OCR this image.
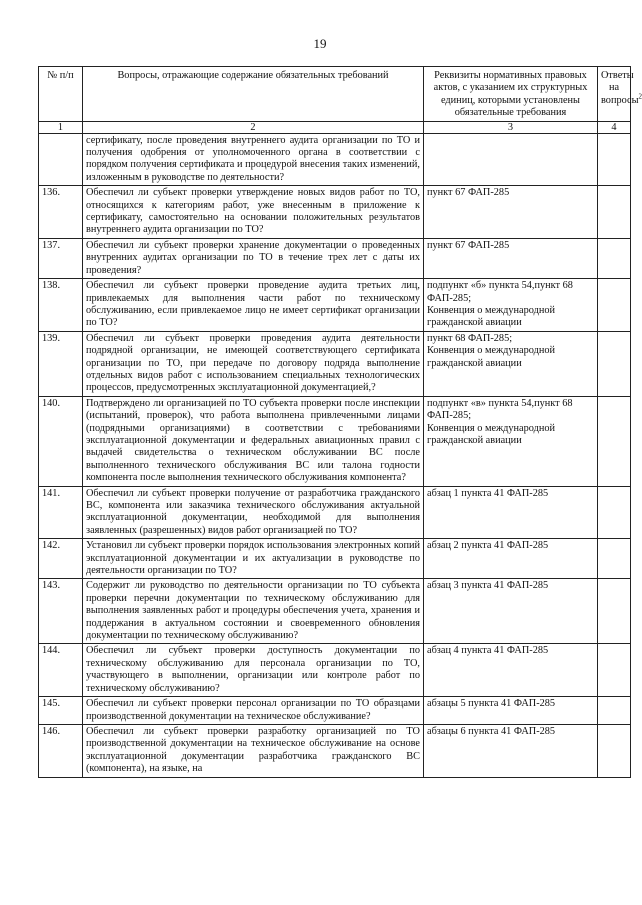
19
№ п/п	Вопросы, отражающие содержание обязательных требований	Реквизиты нормативных правовых актов, с указанием их структурных единиц, которыми установлены обязательные требования	Ответы на вопросы$^2$
1	2	3	4
	сертификату, после проведения внутреннего аудита организации по ТО и получения одобрения от уполномоченного органа в соответствии с порядком получения сертификата и процедурой внесения таких изменений, изложенным в руководстве по деятельности?		
136.	Обеспечил ли субъект проверки утверждение новых видов работ по ТО, относящихся к категориям работ, уже внесенным в приложение к сертификату, самостоятельно на основании положительных результатов внутреннего аудита организации по ТО?	пункт 67 ФАП-285	

137.	Обеспечил ли субъект проверки хранение документации о проведенных внутренних аудитах организации по ТО в течение трех лет с даты их проведения?	пункт 67 ФАП-285	

138.	Обеспечил ли субъект проверки проведение аудита третьих лиц, привлекаемых для выполнения части работ по техническому обслуживанию, если привлекаемое лицо не имеет сертификат организации по ТО?	подпункт «б» пункта 54,пункт 68 ФАП-285;
Конвенция о международной гражданской авиации	

139.	Обеспечил ли субъект проверки проведения аудита деятельности подрядной организации, не имеющей соответствующего сертификата организации по ТО, при передаче по договору подряда выполнение отдельных видов работ с использованием специальных технологических процессов, предусмотренных эксплуатационной документацией,?	пункт 68 ФАП-285;
Конвенция о международной гражданской авиации	

140.	Подтверждено ли организацией по ТО субъекта проверки после инспекции (испытаний, проверок), что работа выполнена привлеченными лицами (подрядными организациями) в соответствии с требованиями эксплуатационной документации и федеральных авиационных правил с выдачей свидетельства о техническом обслуживании ВС после выполненного технического обслуживания ВС или талона годности компонента после выполнения технического обслуживания компонента?	подпункт «в» пункта 54,пункт 68 ФАП-285;
Конвенция о международной гражданской авиации	

141.	Обеспечил ли субъект проверки получение от разработчика гражданского ВС, компонента или заказчика технического обслуживания актуальной эксплуатационной документации, необходимой для выполнения заявленных (разрешенных) видов работ организацией по ТО?	абзац 1 пункта 41 ФАП-285	

142.	Установил ли субъект проверки порядок использования электронных копий эксплуатационной документации и их актуализации в руководстве по деятельности организации по ТО?	абзац 2 пункта 41 ФАП-285	

143.	Содержит ли руководство по деятельности организации по ТО субъекта проверки перечни документации по техническому обслуживанию для выполнения заявленных работ и процедуры обеспечения учета, хранения и поддержания в актуальном состоянии и своевременного обновления документации по техническому обслуживанию?	абзац 3 пункта 41 ФАП-285	

144.	Обеспечил ли субъект проверки доступность документации по техническому обслуживанию для персонала организации по ТО, участвующего в выполнении, организации или контроле работ по техническому обслуживанию?	абзац 4 пункта 41 ФАП-285	

145.	Обеспечил ли субъект проверки персонал организации по ТО образцами производственной документации на техническое обслуживание?	абзацы 5 пункта 41 ФАП-285	

146.	Обеспечил ли субъект проверки разработку организацией по ТО производственной документации на техническое обслуживание на основе эксплуатационной документации разработчика гражданского ВС (компонента), на языке, на	абзацы 6 пункта 41 ФАП-285	
